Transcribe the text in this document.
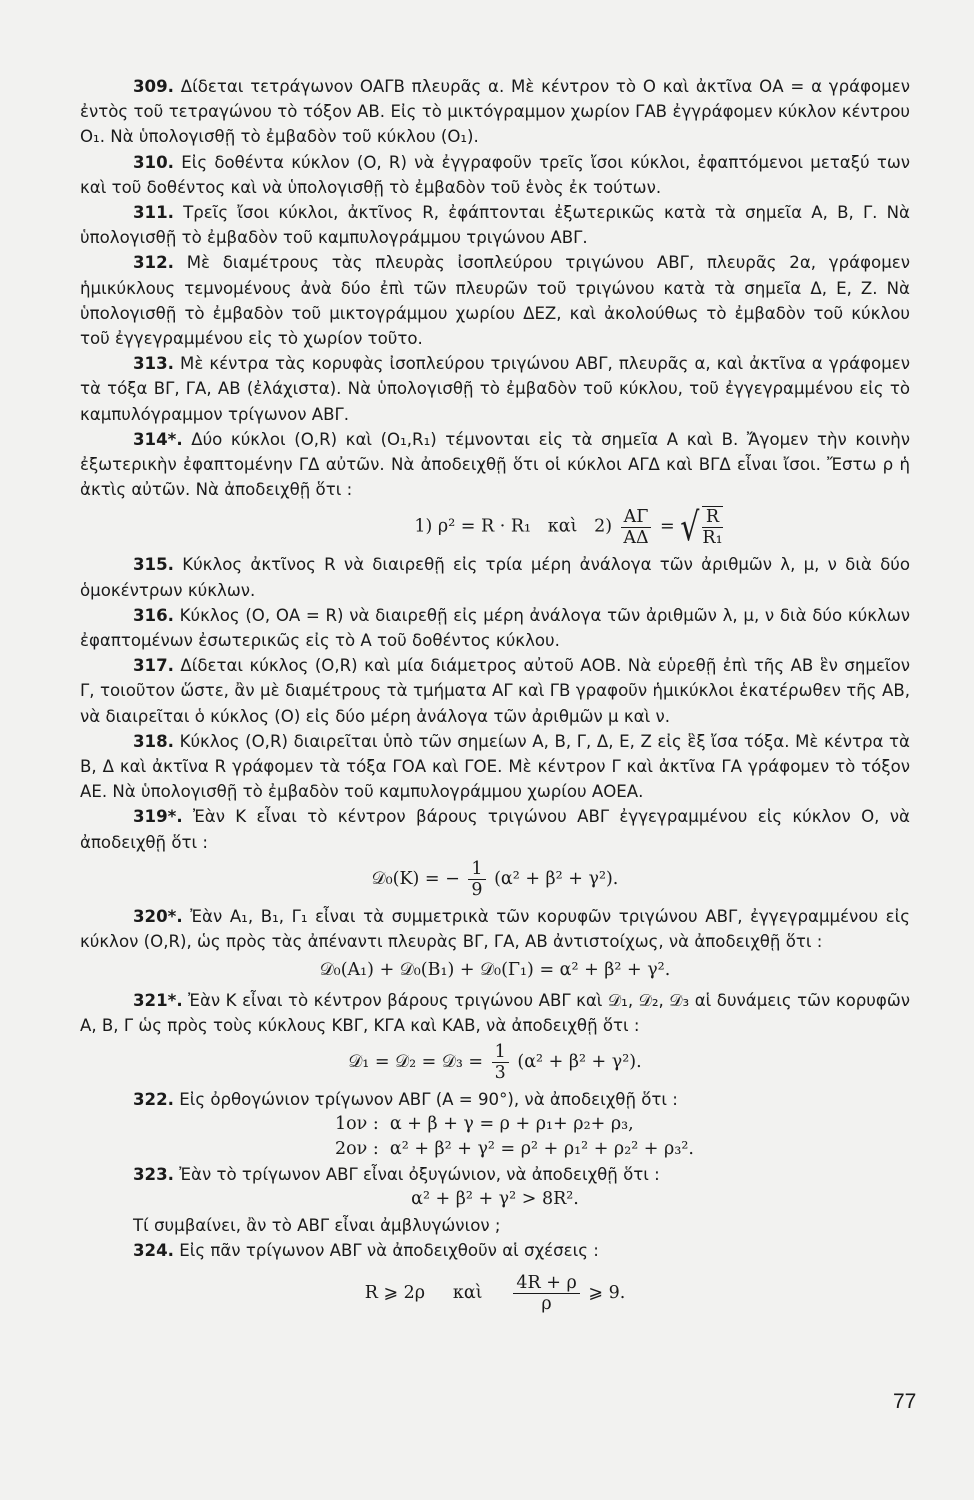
309. Δίδεται τετράγωνον ΟΑΓΒ πλευρᾶς α. Μὲ κέντρον τὸ Ο καὶ ἀκτῖνα ΟΑ = α γράφομεν ἐντὸς τοῦ τετραγώνου τὸ τόξον ΑΒ. Εἰς τὸ μικτόγραμμον χωρίον ΓΑΒ ἐγγράφομεν κύκλον κέντρου Ο₁. Νὰ ὑπολογισθῇ τὸ ἐμβαδὸν τοῦ κύκλου (Ο₁).

310. Εἰς δοθέντα κύκλον (Ο, R) νὰ ἐγγραφοῦν τρεῖς ἴσοι κύκλοι, ἐφαπτόμενοι μεταξύ των καὶ τοῦ δοθέντος καὶ νὰ ὑπολογισθῇ τὸ ἐμβαδὸν τοῦ ἑνὸς ἐκ τούτων.

311. Τρεῖς ἴσοι κύκλοι, ἀκτῖνος R, ἐφάπτονται ἐξωτερικῶς κατὰ τὰ σημεῖα Α, Β, Γ. Νὰ ὑπολογισθῇ τὸ ἐμβαδὸν τοῦ καμπυλογράμμου τριγώνου ΑΒΓ.

312. Μὲ διαμέτρους τὰς πλευρὰς ἰσοπλεύρου τριγώνου ΑΒΓ, πλευρᾶς 2α, γράφομεν ἡμικύκλους τεμνομένους ἀνὰ δύο ἐπὶ τῶν πλευρῶν τοῦ τριγώνου κατὰ τὰ σημεῖα Δ, Ε, Ζ. Νὰ ὑπολογισθῇ τὸ ἐμβαδὸν τοῦ μικτογράμμου χωρίου ΔΕΖ, καὶ ἀκολούθως τὸ ἐμβαδὸν τοῦ κύκλου τοῦ ἐγγεγραμμένου εἰς τὸ χωρίον τοῦτο.

313. Μὲ κέντρα τὰς κορυφὰς ἰσοπλεύρου τριγώνου ΑΒΓ, πλευρᾶς α, καὶ ἀκτῖνα α γράφομεν τὰ τόξα ΒΓ, ΓΑ, ΑΒ (ἐλάχιστα). Νὰ ὑπολογισθῇ τὸ ἐμβαδὸν τοῦ κύκλου, τοῦ ἐγγεγραμμένου εἰς τὸ καμπυλόγραμμον τρίγωνον ΑΒΓ.

314*. Δύο κύκλοι (Ο,R) καὶ (Ο₁,R₁) τέμνονται εἰς τὰ σημεῖα Α καὶ Β. Ἄγομεν τὴν κοινὴν ἐξωτερικὴν ἐφαπτομένην ΓΔ αὐτῶν. Νὰ ἀποδειχθῇ ὅτι οἱ κύκλοι ΑΓΔ καὶ ΒΓΔ εἶναι ἴσοι. Ἔστω ρ ἡ ἀκτὶς αὐτῶν. Νὰ ἀποδειχθῇ ὅτι :

1) ρ² = R · R₁ καὶ $2) \frac{A\Gamma}{A\Delta}$ = √ $\frac{R}{\text{R₁}}$

315. Κύκλος ἀκτῖνος R νὰ διαιρεθῇ εἰς τρία μέρη ἀνάλογα τῶν ἀριθμῶν λ, μ, ν διὰ δύο ὁμοκέντρων κύκλων.

316. Κύκλος (Ο, ΟΑ = R) νὰ διαιρεθῇ εἰς μέρη ἀνάλογα τῶν ἀριθμῶν λ, μ, ν διὰ δύο κύκλων ἐφαπτομένων ἐσωτερικῶς εἰς τὸ Α τοῦ δοθέντος κύκλου.

317. Δίδεται κύκλος (Ο,R) καὶ μία διάμετρος αὐτοῦ ΑΟΒ. Νὰ εὑρεθῇ ἐπὶ τῆς ΑΒ ἓν σημεῖον Γ, τοιοῦτον ὥστε, ἂν μὲ διαμέτρους τὰ τμήματα ΑΓ καὶ ΓΒ γραφοῦν ἡμικύκλοι ἑκατέρωθεν τῆς ΑΒ, νὰ διαιρεῖται ὁ κύκλος (Ο) εἰς δύο μέρη ἀνάλογα τῶν ἀριθμῶν μ καὶ ν.

318. Κύκλος (Ο,R) διαιρεῖται ὑπὸ τῶν σημείων Α, Β, Γ, Δ, Ε, Ζ εἰς ἓξ ἴσα τόξα. Μὲ κέντρα τὰ Β, Δ καὶ ἀκτῖνα R γράφομεν τὰ τόξα ΓΟΑ καὶ ΓΟΕ. Μὲ κέντρον Γ καὶ ἀκτῖνα ΓΑ γράφομεν τὸ τόξον ΑΕ. Νὰ ὑπολογισθῇ τὸ ἐμβαδὸν τοῦ καμπυλογράμμου χωρίου ΑΟΕΑ.

319*. Ἐὰν Κ εἶναι τὸ κέντρον βάρους τριγώνου ΑΒΓ ἐγγεγραμμένου εἰς κύκλον Ο, νὰ ἀποδειχθῇ ὅτι :

𝒟₀(Κ) = − $\frac{1}{9} (\alpha^2 + \beta^2 + \gamma^2)$.

320*. Ἐὰν Α₁, Β₁, Γ₁ εἶναι τὰ συμμετρικὰ τῶν κορυφῶν τριγώνου ΑΒΓ, ἐγγεγραμμένου εἰς κύκλον (Ο,R), ὡς πρὸς τὰς ἀπέναντι πλευρὰς ΒΓ, ΓΑ, ΑΒ ἀντιστοίχως, νὰ ἀποδειχθῇ ὅτι :

𝒟₀(Α₁) + 𝒟₀(Β₁) + 𝒟₀(Γ₁) = α² + β² + γ².

321*. Ἐὰν Κ εἶναι τὸ κέντρον βάρους τριγώνου ΑΒΓ καὶ 𝒟₁, 𝒟₂, 𝒟₃ αἱ δυνάμεις τῶν κορυφῶν Α, Β, Γ ὡς πρὸς τοὺς κύκλους ΚΒΓ, ΚΓΑ καὶ ΚΑΒ, νὰ ἀποδειχθῇ ὅτι :

𝒟₁ = 𝒟₂ = 𝒟₃ = $\frac{1}{3} (\alpha^2 + \beta^2 + \gamma^2)$.

322. Εἰς ὀρθογώνιον τρίγωνον ΑΒΓ (Α = 90°), νὰ ἀποδειχθῇ ὅτι :

1ον : α + β + γ = ρ + ρ₁+ ρ₂+ ρ₃,
2ον : α² + β² + γ² = ρ² + ρ₁² + ρ₂² + ρ₃².

323. Ἐὰν τὸ τρίγωνον ΑΒΓ εἶναι ὀξυγώνιον, νὰ ἀποδειχθῇ ὅτι :

α² + β² + γ² > 8R².

Τί συμβαίνει, ἂν τὸ ΑΒΓ εἶναι ἀμβλυγώνιον ;

324. Εἰς πᾶν τρίγωνον ΑΒΓ νὰ ἀποδειχθοῦν αἱ σχέσεις :

R ⩾ 2ρ καὶ $\frac{4R + \rho}{\rho}$ ⩾ 9.
77
